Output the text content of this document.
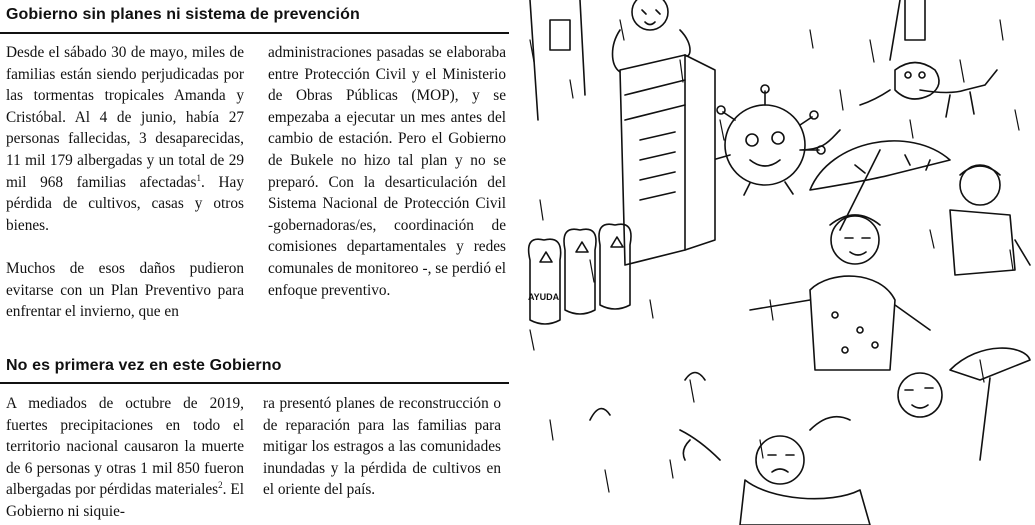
Gobierno sin planes ni sistema de prevención

Desde el sábado 30 de mayo, miles de familias están siendo perjudicadas por las tormentas tropicales Amanda y Cristóbal. Al 4 de junio, había 27 personas fallecidas, 3 desaparecidas, 11 mil 179 albergadas y un total de 29 mil 968 familias afectadas$^1$. Hay pérdida de cultivos, casas y otros bienes.

Muchos de esos daños pudieron evitarse con un Plan Preventivo para enfrentar el invierno, que en

administraciones pasadas se elaboraba entre Protección Civil y el Ministerio de Obras Públicas (MOP), y se empezaba a ejecutar un mes antes del cambio de estación. Pero el Gobierno de Bukele no hizo tal plan y no se preparó. Con la desarticulación del Sistema Nacional de Protección Civil -gobernadoras/es, coordinación de comisiones departamentales y redes comunales de monitoreo -, se perdió el enfoque preventivo.

No es primera vez en este Gobierno

A mediados de octubre de 2019, fuertes precipitaciones en todo el territorio nacional causaron la muerte de 6 personas y otras 1 mil 850 fueron albergadas por pérdidas materiales$^2$. El Gobierno ni siquie-

ra presentó planes de reconstrucción o de reparación para las familias para mitigar los estragos a las comunidades inundadas y la pérdida de cultivos en el oriente del país.

AYUDA
